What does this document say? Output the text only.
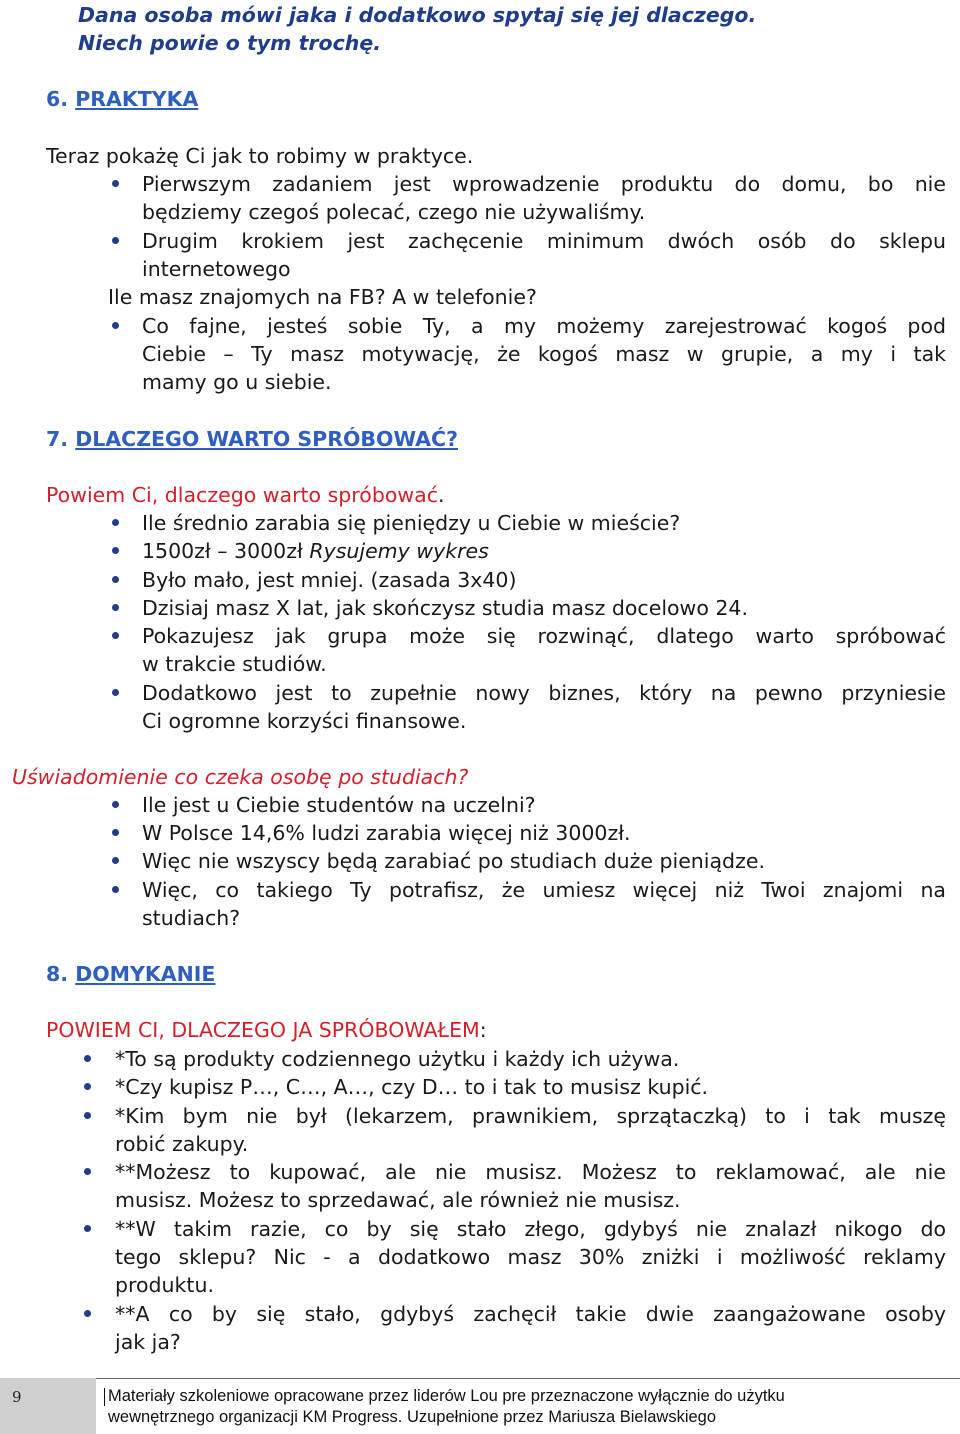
Dana osoba mówi jaka i dodatkowo spytaj się jej dlaczego.
Niech powie o tym trochę.
6. PRAKTYKA
Teraz pokażę Ci jak to robimy w praktyce.
Pierwszym zadaniem jest wprowadzenie produktu do domu, bo nie
będziemy czegoś polecać, czego nie używaliśmy.
Drugim krokiem jest zachęcenie minimum dwóch osób do sklepu
internetowego
Ile masz znajomych na FB? A w telefonie?
Co fajne, jesteś sobie Ty, a my możemy zarejestrować kogoś pod
Ciebie – Ty masz motywację, że kogoś masz w grupie, a my i tak
mamy go u siebie.
7. DLACZEGO WARTO SPRÓBOWAĆ?
Powiem Ci, dlaczego warto spróbować.
Ile średnio zarabia się pieniędzy u Ciebie w mieście?
1500zł – 3000zł Rysujemy wykres
Było mało, jest mniej. (zasada 3x40)
Dzisiaj masz X lat, jak skończysz studia masz docelowo 24.
Pokazujesz jak grupa może się rozwinąć, dlatego warto spróbować
w trakcie studiów.
Dodatkowo jest to zupełnie nowy biznes, który na pewno przyniesie
Ci ogromne korzyści finansowe.
Uświadomienie co czeka osobę po studiach?
Ile jest u Ciebie studentów na uczelni?
W Polsce 14,6% ludzi zarabia więcej niż 3000zł.
Więc nie wszyscy będą zarabiać po studiach duże pieniądze.
Więc, co takiego Ty potrafisz, że umiesz więcej niż Twoi znajomi na
studiach?
8. DOMYKANIE
POWIEM CI, DLACZEGO JA SPRÓBOWAŁEM:
*To są produkty codziennego użytku i każdy ich używa.
*Czy kupisz P…, C…, A…, czy D… to i tak to musisz kupić.
*Kim bym nie był (lekarzem, prawnikiem, sprzątaczką) to i tak muszę
robić zakupy.
**Możesz to kupować, ale nie musisz. Możesz to reklamować, ale nie
musisz. Możesz to sprzedawać, ale również nie musisz.
**W takim razie, co by się stało złego, gdybyś nie znalazł nikogo do
tego sklepu? Nic - a dodatkowo masz 30% zniżki i możliwość reklamy
produktu.
**A co by się stało, gdybyś zachęcił takie dwie zaangażowane osoby
jak ja?
9	Materiały szkoleniowe opracowane przez liderów Lou pre przeznaczone wyłącznie do użytku
wewnętrznego organizacji KM Progress. Uzupełnione przez Mariusza Bielawskiego
